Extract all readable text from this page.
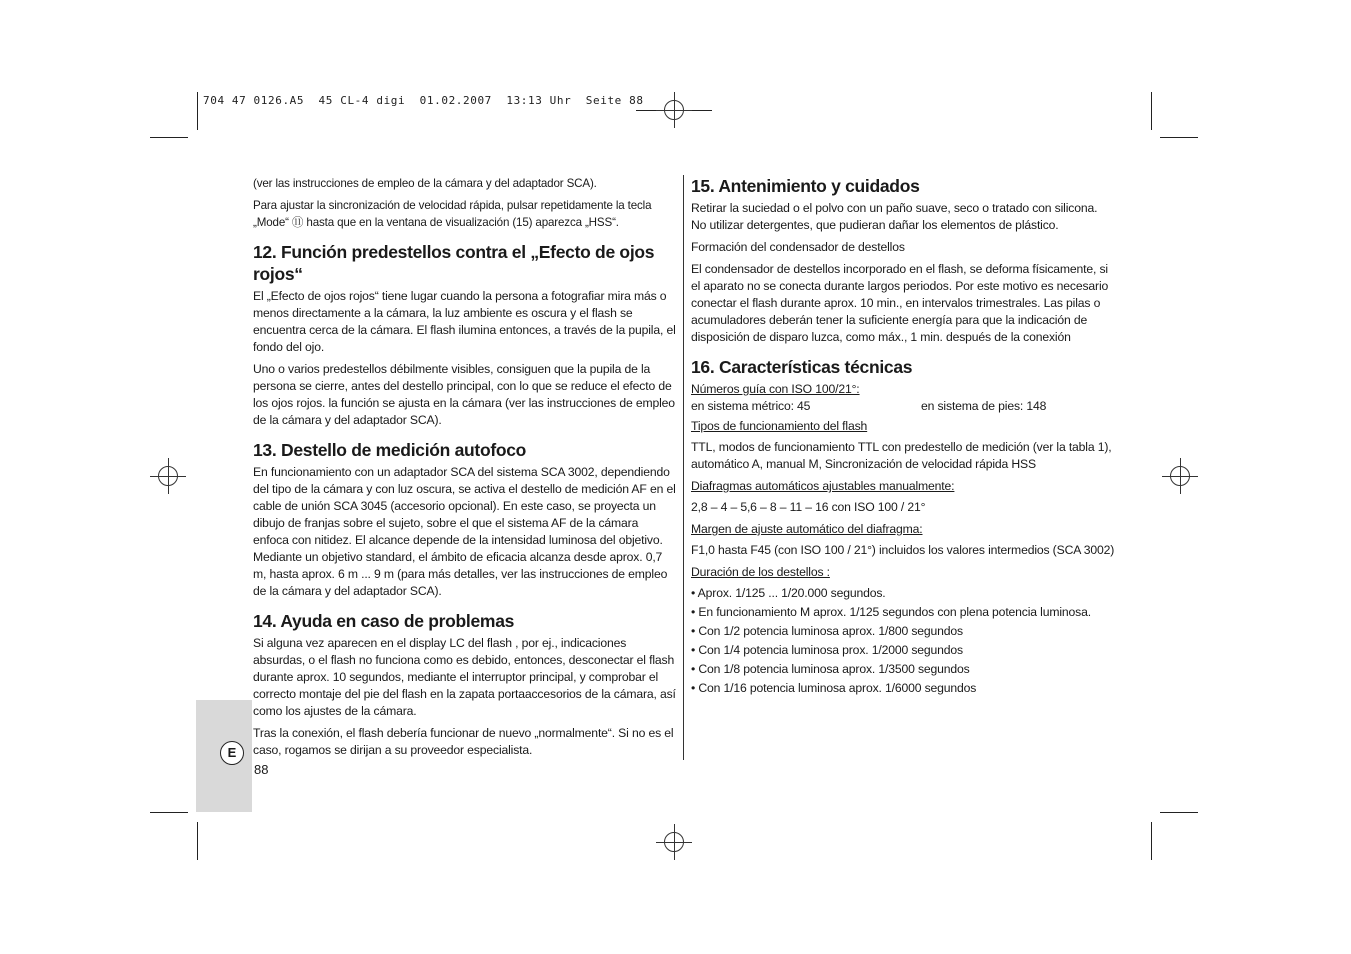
704 47 0126.A5  45 CL-4 digi  01.02.2007  13:13 Uhr  Seite 88
E
88

(ver las instrucciones de empleo de la cámara y del adaptador SCA).

Para ajustar la sincronización de velocidad rápida, pulsar repetidamente la tecla „Mode“ ⑪ hasta que en la ventana de visualización (15) aparezca „HSS“.

12. Función predestellos contra el „Efecto de ojos rojos“

El „Efecto de ojos rojos“ tiene lugar cuando la persona a fotografiar mira más o menos directamente a la cámara, la luz ambiente es oscura y el flash se encuentra cerca de la cámara. El flash ilumina entonces, a través de la pupila, el fondo del ojo.

Uno o varios predestellos débilmente visibles, consiguen que la pupila de la persona se cierre, antes del destello principal, con lo que se reduce el efecto de los ojos rojos. la función se ajusta en la cámara (ver las instrucciones de empleo de la cámara y del adaptador SCA).

13. Destello de medición autofoco

En funcionamiento con un adaptador SCA del sistema SCA 3002, dependiendo del tipo de la cámara y con luz oscura, se activa el destello de medición AF en el cable de unión SCA 3045 (accesorio opcional). En este caso, se proyecta un dibujo de franjas sobre el sujeto, sobre el que el sistema AF de la cámara enfoca con nitidez. El alcance depende de la intensidad luminosa del objetivo. Mediante un objetivo standard, el ámbito de eficacia alcanza desde aprox. 0,7 m, hasta aprox. 6 m ... 9 m (para más detalles, ver las instrucciones de empleo de la cámara y del adaptador SCA).

14. Ayuda en caso de problemas

Si alguna vez aparecen en el display LC del flash , por ej., indicaciones absurdas, o el flash no funciona como es debido, entonces, desconectar el flash durante aprox. 10 segundos, mediante el interruptor principal, y comprobar el correcto montaje del pie del flash en la zapata portaaccesorios de la cámara, así como los ajustes de la cámara.

Tras la conexión, el flash debería funcionar de nuevo „normalmente“. Si no es el caso, rogamos se dirijan a su proveedor especialista.

15. Antenimiento y cuidados

Retirar la suciedad o el polvo con un paño suave, seco o tratado con silicona. No utilizar detergentes, que pudieran dañar los elementos de plástico.

Formación del condensador de destellos

El condensador de destellos incorporado en el flash, se deforma físicamente, si el aparato no se conecta durante largos periodos. Por este motivo es necesario conectar el flash durante aprox. 10 min., en intervalos trimestrales. Las pilas o acumuladores deberán tener la suficiente energía para que la indicación de disposición de disparo luzca, como máx., 1 min. después de la conexión

16. Características técnicas

Números guía con ISO 100/21°:

en sistema métrico: 45	en sistema de pies: 148

Tipos de funcionamiento del flash

TTL, modos de funcionamiento TTL con predestello de medición (ver la tabla 1), automático A, manual M, Sincronización de velocidad rápida HSS

Diafragmas automáticos ajustables manualmente:

2,8 – 4 – 5,6 – 8 – 11 – 16 con ISO 100 / 21°

Margen de ajuste automático del diafragma:

F1,0 hasta F45 (con ISO 100 / 21°) incluidos los valores intermedios (SCA 3002)

Duración de los destellos :

• Aprox. 1/125 ... 1/20.000 segundos.
• En funcionamiento M aprox. 1/125 segundos con plena potencia luminosa.
• Con 1/2 potencia luminosa aprox. 1/800 segundos
• Con 1/4 potencia luminosa prox. 1/2000 segundos
• Con 1/8 potencia luminosa aprox. 1/3500 segundos
• Con 1/16 potencia luminosa aprox. 1/6000 segundos
